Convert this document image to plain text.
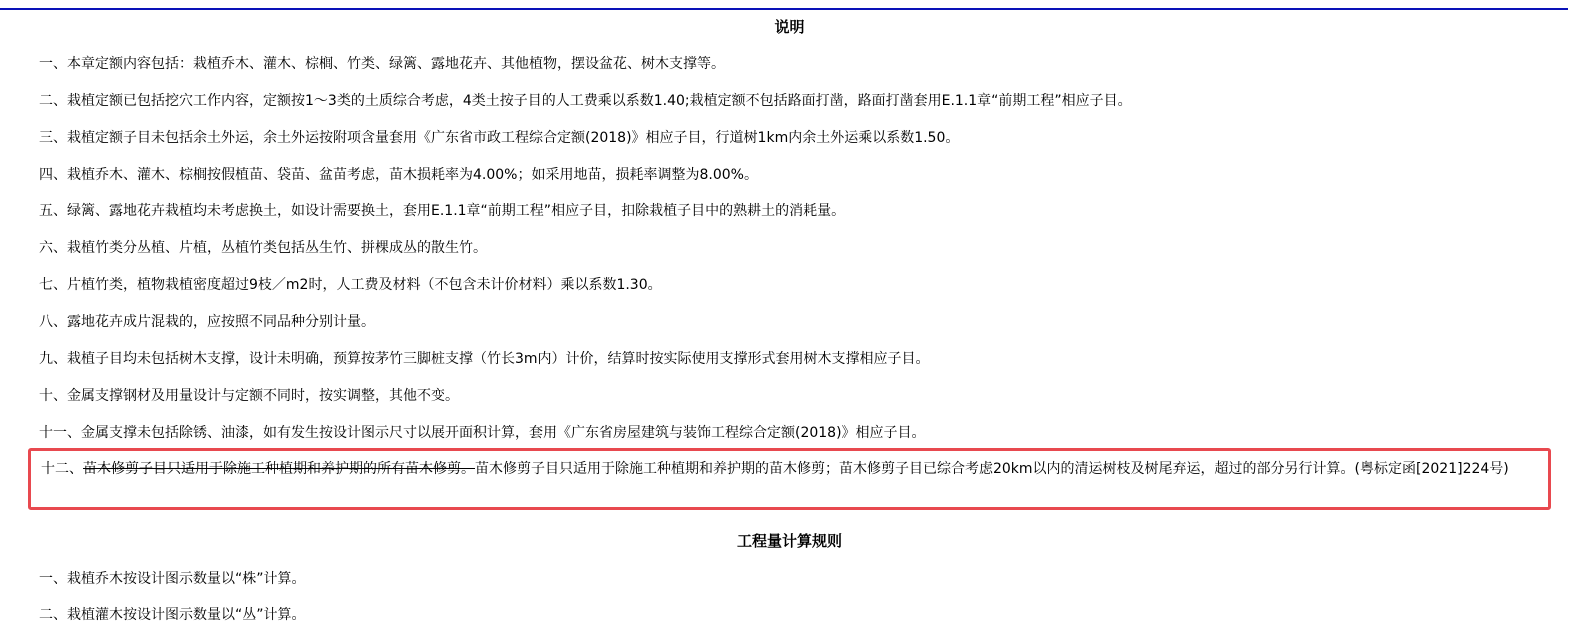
说明
一、本章定额内容包括：栽植乔木、灌木、棕榈、竹类、绿篱、露地花卉、其他植物，摆设盆花、树木支撑等。
二、栽植定额已包括挖穴工作内容，定额按1～3类的土质综合考虑，4类土按子目的人工费乘以系数1.40;栽植定额不包括路面打凿，路面打凿套用E.1.1章“前期工程”相应子目。
三、栽植定额子目未包括余土外运，余土外运按附项含量套用《广东省市政工程综合定额(2018)》相应子目，行道树1km内余土外运乘以系数1.50。
四、栽植乔木、灌木、棕榈按假植苗、袋苗、盆苗考虑，苗木损耗率为4.00%；如采用地苗，损耗率调整为8.00%。
五、绿篱、露地花卉栽植均未考虑换土，如设计需要换土，套用E.1.1章“前期工程”相应子目，扣除栽植子目中的熟耕土的消耗量。
六、栽植竹类分丛植、片植，丛植竹类包括丛生竹、拼棵成丛的散生竹。
七、片植竹类，植物栽植密度超过9枝／m2时，人工费及材料（不包含未计价材料）乘以系数1.30。
八、露地花卉成片混栽的，应按照不同品种分别计量。
九、栽植子目均未包括树木支撑，设计未明确，预算按茅竹三脚桩支撑（竹长3m内）计价，结算时按实际使用支撑形式套用树木支撑相应子目。
十、金属支撑钢材及用量设计与定额不同时，按实调整，其他不变。
十一、金属支撑未包括除锈、油漆，如有发生按设计图示尺寸以展开面积计算，套用《广东省房屋建筑与装饰工程综合定额(2018)》相应子目。
十二、苗木修剪子目只适用于除施工种植期和养护期的所有苗木修剪。苗木修剪子目只适用于除施工种植期和养护期的苗木修剪；苗木修剪子目已综合考虑20km以内的清运树枝及树尾弃运，超过的部分另行计算。(粤标定函[2021]224号)
工程量计算规则
一、栽植乔木按设计图示数量以“株”计算。
二、栽植灌木按设计图示数量以“丛”计算。
